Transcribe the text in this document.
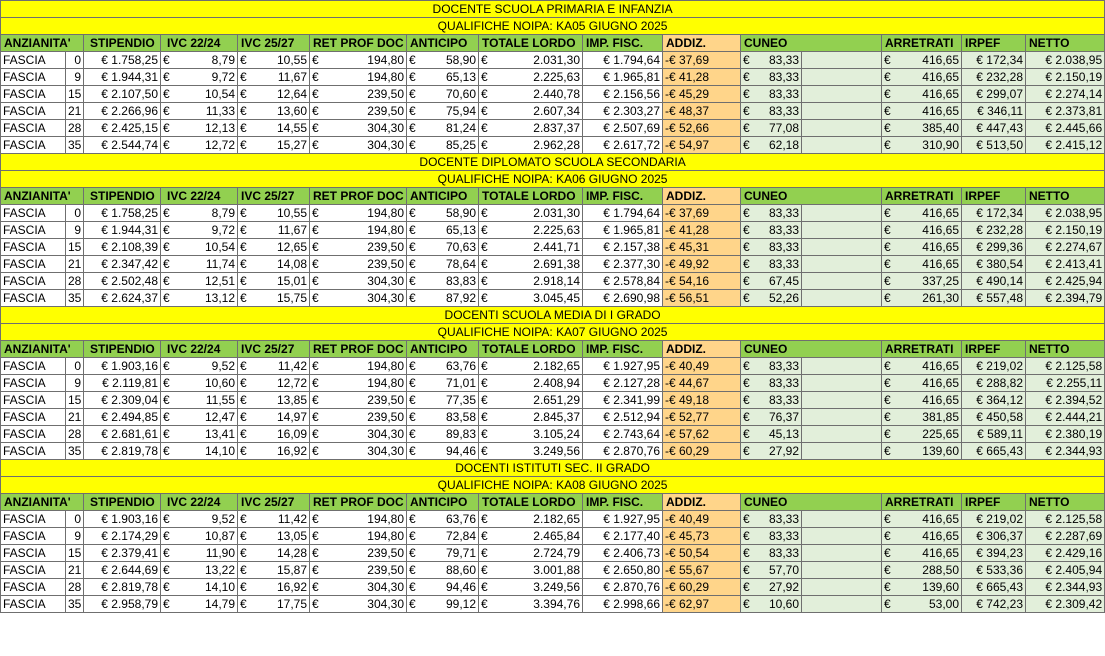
DOCENTE SCUOLA PRIMARIA E INFANZIA														
QUALIFICHE NOIPA: KA05 GIUGNO 2025														
ANZIANITA'		STIPENDIO	IVC 22/24	IVC 25/27	RET PROF DOC	ANTICIPO	TOTALE LORDO	IMP. FISC.	ADDIZ.	CUNEO		ARRETRATI	IRPEF	NETTO
FASCIA	0	€ 1.758,25	€ 8,79	€ 10,55	€ 194,80	€ 58,90	€ 2.031,30	€ 1.794,64	-€ 37,69	€ 83,33		€ 416,65	€ 172,34	€ 2.038,95
FASCIA	9	€ 1.944,31	€ 9,72	€ 11,67	€ 194,80	€ 65,13	€ 2.225,63	€ 1.965,81	-€ 41,28	€ 83,33		€ 416,65	€ 232,28	€ 2.150,19
FASCIA	15	€ 2.107,50	€ 10,54	€ 12,64	€ 239,50	€ 70,60	€ 2.440,78	€ 2.156,56	-€ 45,29	€ 83,33		€ 416,65	€ 299,07	€ 2.274,14
FASCIA	21	€ 2.266,96	€ 11,33	€ 13,60	€ 239,50	€ 75,94	€ 2.607,34	€ 2.303,27	-€ 48,37	€ 83,33		€ 416,65	€ 346,11	€ 2.373,81
FASCIA	28	€ 2.425,15	€ 12,13	€ 14,55	€ 304,30	€ 81,24	€ 2.837,37	€ 2.507,69	-€ 52,66	€ 77,08		€ 385,40	€ 447,43	€ 2.445,66
FASCIA	35	€ 2.544,74	€ 12,72	€ 15,27	€ 304,30	€ 85,25	€ 2.962,28	€ 2.617,72	-€ 54,97	€ 62,18		€ 310,90	€ 513,50	€ 2.415,12
DOCENTE DIPLOMATO SCUOLA SECONDARIA														
QUALIFICHE NOIPA: KA06 GIUGNO 2025														
ANZIANITA'		STIPENDIO	IVC 22/24	IVC 25/27	RET PROF DOC	ANTICIPO	TOTALE LORDO	IMP. FISC.	ADDIZ.	CUNEO		ARRETRATI	IRPEF	NETTO
FASCIA	0	€ 1.758,25	€ 8,79	€ 10,55	€ 194,80	€ 58,90	€ 2.031,30	€ 1.794,64	-€ 37,69	€ 83,33		€ 416,65	€ 172,34	€ 2.038,95
FASCIA	9	€ 1.944,31	€ 9,72	€ 11,67	€ 194,80	€ 65,13	€ 2.225,63	€ 1.965,81	-€ 41,28	€ 83,33		€ 416,65	€ 232,28	€ 2.150,19
FASCIA	15	€ 2.108,39	€ 10,54	€ 12,65	€ 239,50	€ 70,63	€ 2.441,71	€ 2.157,38	-€ 45,31	€ 83,33		€ 416,65	€ 299,36	€ 2.274,67
FASCIA	21	€ 2.347,42	€ 11,74	€ 14,08	€ 239,50	€ 78,64	€ 2.691,38	€ 2.377,30	-€ 49,92	€ 83,33		€ 416,65	€ 380,54	€ 2.413,41
FASCIA	28	€ 2.502,48	€ 12,51	€ 15,01	€ 304,30	€ 83,83	€ 2.918,14	€ 2.578,84	-€ 54,16	€ 67,45		€ 337,25	€ 490,14	€ 2.425,94
FASCIA	35	€ 2.624,37	€ 13,12	€ 15,75	€ 304,30	€ 87,92	€ 3.045,45	€ 2.690,98	-€ 56,51	€ 52,26		€ 261,30	€ 557,48	€ 2.394,79
DOCENTI SCUOLA MEDIA DI I GRADO														
QUALIFICHE NOIPA: KA07 GIUGNO 2025														
ANZIANITA'		STIPENDIO	IVC 22/24	IVC 25/27	RET PROF DOC	ANTICIPO	TOTALE LORDO	IMP. FISC.	ADDIZ.	CUNEO		ARRETRATI	IRPEF	NETTO
FASCIA	0	€ 1.903,16	€ 9,52	€ 11,42	€ 194,80	€ 63,76	€ 2.182,65	€ 1.927,95	-€ 40,49	€ 83,33		€ 416,65	€ 219,02	€ 2.125,58
FASCIA	9	€ 2.119,81	€ 10,60	€ 12,72	€ 194,80	€ 71,01	€ 2.408,94	€ 2.127,28	-€ 44,67	€ 83,33		€ 416,65	€ 288,82	€ 2.255,11
FASCIA	15	€ 2.309,04	€ 11,55	€ 13,85	€ 239,50	€ 77,35	€ 2.651,29	€ 2.341,99	-€ 49,18	€ 83,33		€ 416,65	€ 364,12	€ 2.394,52
FASCIA	21	€ 2.494,85	€ 12,47	€ 14,97	€ 239,50	€ 83,58	€ 2.845,37	€ 2.512,94	-€ 52,77	€ 76,37		€ 381,85	€ 450,58	€ 2.444,21
FASCIA	28	€ 2.681,61	€ 13,41	€ 16,09	€ 304,30	€ 89,83	€ 3.105,24	€ 2.743,64	-€ 57,62	€ 45,13		€ 225,65	€ 589,11	€ 2.380,19
FASCIA	35	€ 2.819,78	€ 14,10	€ 16,92	€ 304,30	€ 94,46	€ 3.249,56	€ 2.870,76	-€ 60,29	€ 27,92		€ 139,60	€ 665,43	€ 2.344,93
DOCENTI ISTITUTI SEC. II GRADO														
QUALIFICHE NOIPA: KA08 GIUGNO 2025														
ANZIANITA'		STIPENDIO	IVC 22/24	IVC 25/27	RET PROF DOC	ANTICIPO	TOTALE LORDO	IMP. FISC.	ADDIZ.	CUNEO		ARRETRATI	IRPEF	NETTO
FASCIA	0	€ 1.903,16	€ 9,52	€ 11,42	€ 194,80	€ 63,76	€ 2.182,65	€ 1.927,95	-€ 40,49	€ 83,33		€ 416,65	€ 219,02	€ 2.125,58
FASCIA	9	€ 2.174,29	€ 10,87	€ 13,05	€ 194,80	€ 72,84	€ 2.465,84	€ 2.177,40	-€ 45,73	€ 83,33		€ 416,65	€ 306,37	€ 2.287,69
FASCIA	15	€ 2.379,41	€ 11,90	€ 14,28	€ 239,50	€ 79,71	€ 2.724,79	€ 2.406,73	-€ 50,54	€ 83,33		€ 416,65	€ 394,23	€ 2.429,16
FASCIA	21	€ 2.644,69	€ 13,22	€ 15,87	€ 239,50	€ 88,60	€ 3.001,88	€ 2.650,80	-€ 55,67	€ 57,70		€ 288,50	€ 533,36	€ 2.405,94
FASCIA	28	€ 2.819,78	€ 14,10	€ 16,92	€ 304,30	€ 94,46	€ 3.249,56	€ 2.870,76	-€ 60,29	€ 27,92		€ 139,60	€ 665,43	€ 2.344,93
FASCIA	35	€ 2.958,79	€ 14,79	€ 17,75	€ 304,30	€ 99,12	€ 3.394,76	€ 2.998,66	-€ 62,97	€ 10,60		€ 53,00	€ 742,23	€ 2.309,42
